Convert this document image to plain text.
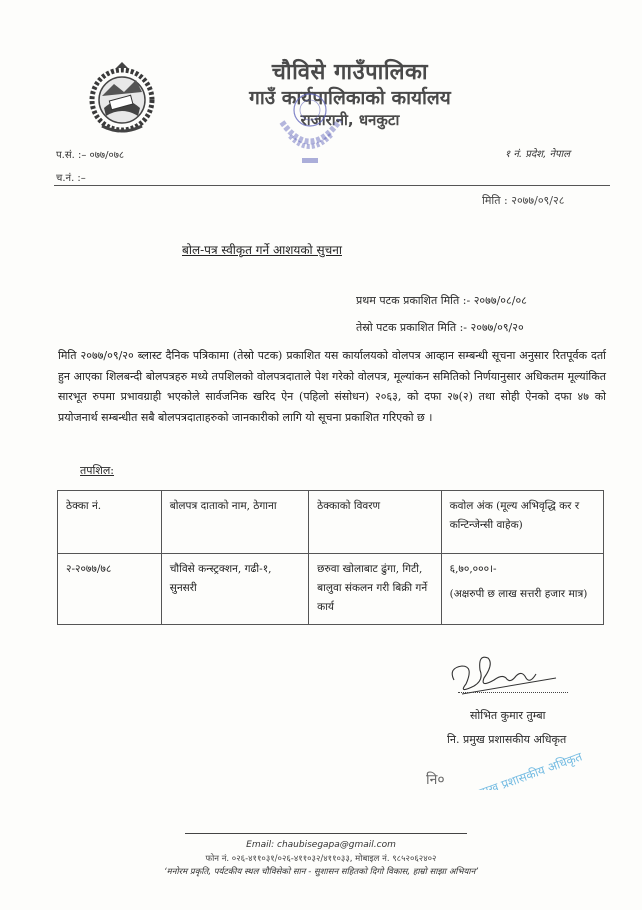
चौविसे गाउँपालिका
गाउँ कार्यपालिकाको कार्यालय
राजारानी, धनकुटा
प.सं. :– ०७७/०७८
च.नं. :–
१ नं. प्रदेश, नेपाल
मिति : २०७७/०९/२८
बोल-पत्र स्वीकृत गर्ने आशयको सुचना
प्रथम पटक प्रकाशित मिति :- २०७७/०८/०८
तेस्रो पटक प्रकाशित मिति :- २०७७/०९/२०
मिति २०७७/०९/२० ब्लास्ट दैनिक पत्रिकामा (तेस्रो पटक) प्रकाशित यस कार्यालयको वोलपत्र आव्हान सम्बन्धी सूचना अनुसार रितपूर्वक दर्ता हुन आएका शिलबन्दी बोलपत्रहरु मध्ये तपशिलको वोलपत्रदाताले पेश गरेको वोलपत्र, मूल्यांकन समितिको निर्णयानुसार अधिकतम मूल्यांकित सारभूत रुपमा प्रभावग्राही भएकोले सार्वजनिक खरिद ऐन (पहिलो संसोधन) २०६३, को दफा २७(२) तथा सोही ऐनको दफा ४७ को प्रयोजनार्थ सम्बन्धीत सबै बोलपत्रदाताहरुको जानकारीको लागि यो सूचना प्रकाशित गरिएको छ ।
तपशिल:
ठेक्का नं.	बोलपत्र दाताको नाम, ठेगाना	ठेक्काको विवरण	कवोल अंक (मूल्य अभिवृद्धि कर र कन्टिन्जेन्सी वाहेक)
२-२०७७/७८	चौविसे कन्स्ट्रक्शन, गढी-१, सुनसरी	छरुवा खोलाबाट ढुंगा, गिटी, बालुवा संकलन गरी बिक्री गर्ने कार्य	६,७०,०००।-
(अक्षरुपी छ लाख सत्तरी हजार मात्र)
सोभित कुमार तुम्बा
नि. प्रमुख प्रशासकीय अधिकृत
प्रमुख प्रशासकीय अधिकृत
नि०
Email: chaubisegapa@gmail.com
फोन नं. ०२६-४११०३१/०२६-४११०३२/४११०३३, मोबाइल नं. ९८५२०६२४०२
‘मनोरम प्रकृति, पर्यटकीय स्थल चौविसेको सान - सुशासन सहितको दिगो विकास, हाम्रो साझा अभियान’
